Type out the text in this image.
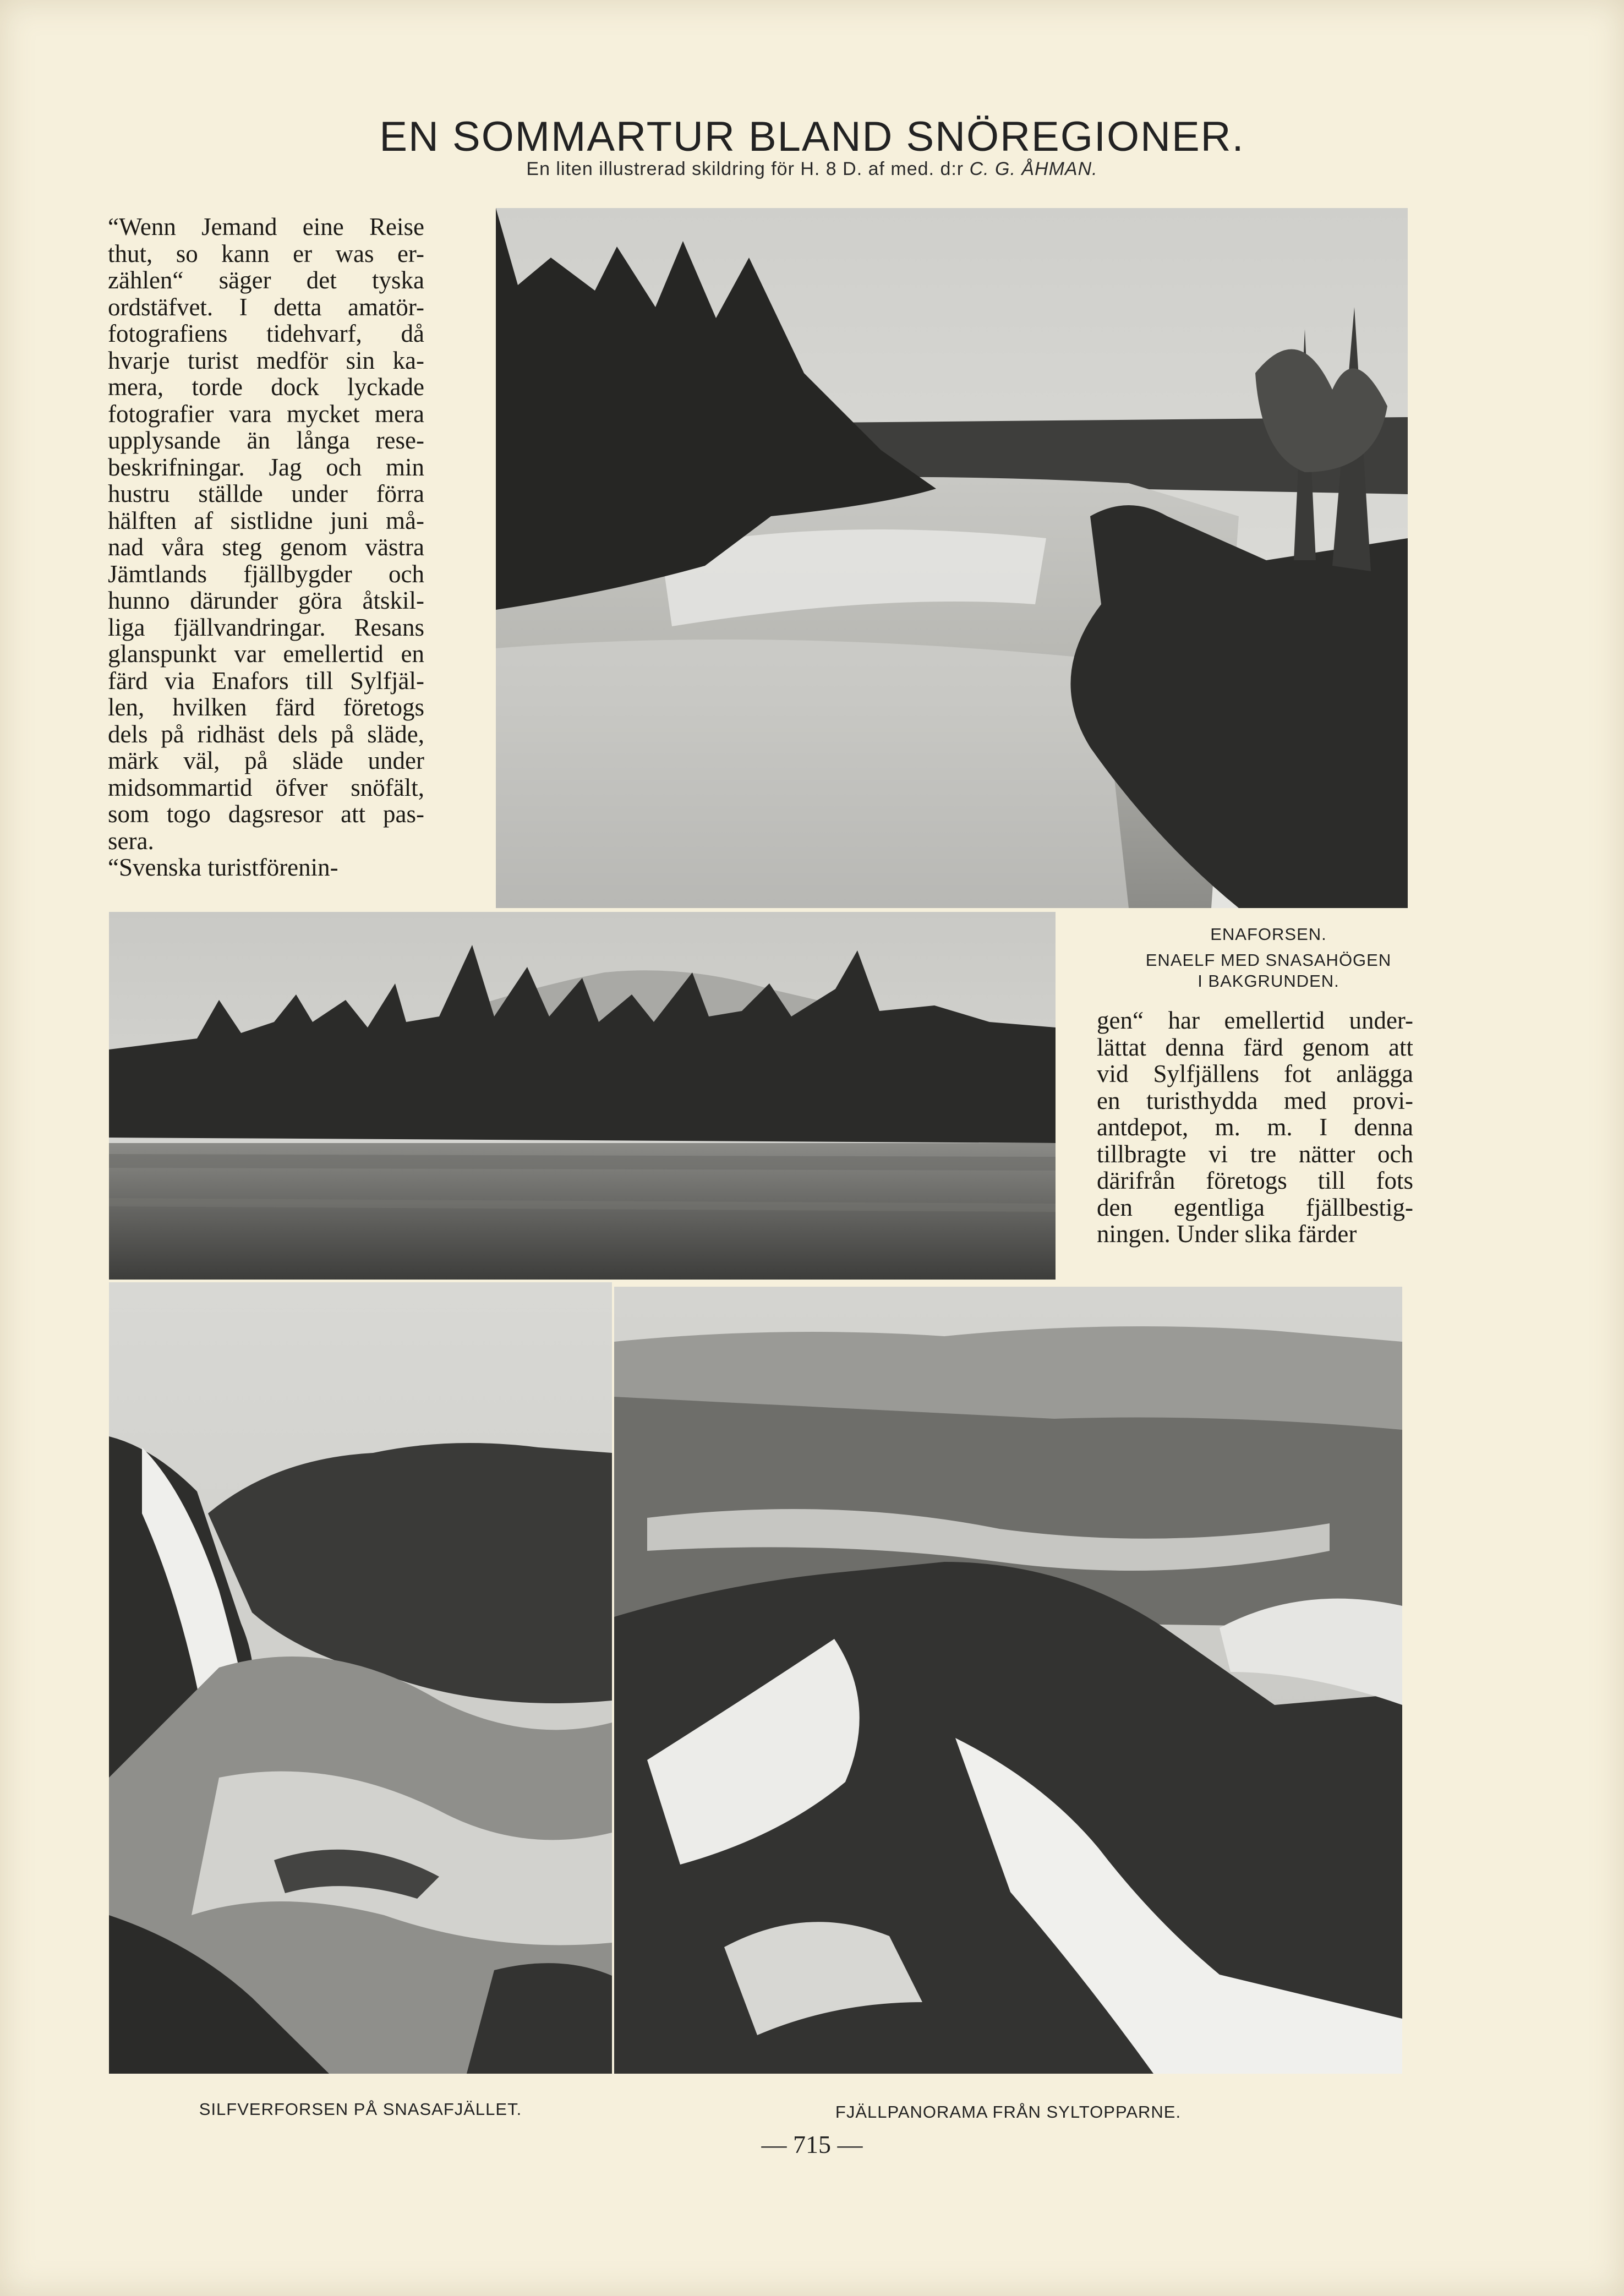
EN SOMMARTUR BLAND SNÖREGIONER.
En liten illustrerad skildring för H. 8 D. af med. d:r C. G. ÅHMAN.
“Wenn Jemand eine Reise
thut, so kann er was er-
zählen“ säger det tyska
ordstäfvet. I detta amatör-
fotografiens tidehvarf, då
hvarje turist medför sin ka-
mera, torde dock lyckade
fotografier vara mycket mera
upplysande än långa rese-
beskrifningar. Jag och min
hustru ställde under förra
hälften af sistlidne juni må-
nad våra steg genom västra
Jämtlands fjällbygder och
hunno därunder göra åtskil-
liga fjällvandringar. Resans
glanspunkt var emellertid en
färd via Enafors till Sylfjäl-
len, hvilken färd företogs
dels på ridhäst dels på släde,
märk väl, på släde under
midsommartid öfver snöfält,
som togo dagsresor att pas-
sera.
“Svenska turistförenin-
ENAFORSEN.
ENAELF MED SNASAHÖGEN
I BAKGRUNDEN.
gen“ har emellertid under-
lättat denna färd genom att
vid Sylfjällens fot anlägga
en turisthydda med provi-
antdepot, m. m. I denna
tillbragte vi tre nätter och
därifrån företogs till fots
den egentliga fjällbestig-
ningen. Under slika färder
SILFVERFORSEN PÅ SNASAFJÄLLET.	FJÄLLPANORAMA FRÅN SYLTOPPARNE.
— 715 —
